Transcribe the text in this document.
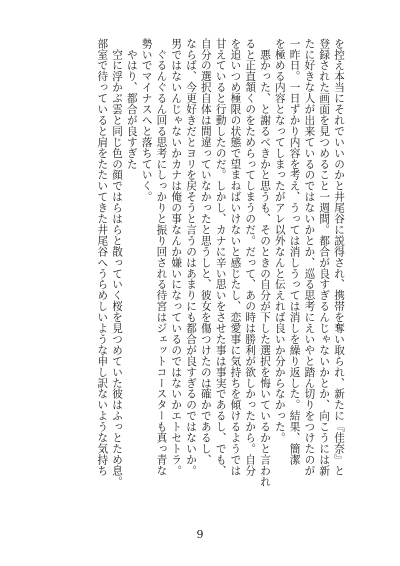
を控え本当にそれでいいのかと井尾谷に説得され、携帯を奪い取られ、新たに『佳奈』と
登録された画面を見つめること一週間。都合が良すぎるんじゃないかとか、向こうには新
たに好きな人が出来ているのではないかとか、巡る思考にえいやと踏ん切りをつけたのが
一昨日。一日ずかり内容を考え、うっては消しうっては消しを繰り返した。結果、簡潔
を極める内容となってしまったがアレ以外なんと伝えれば良いか分からなかった。
　悪かった、と謝るべきかと思うも、そのときの自分が下した選択を悔いているかと言われ
ると正直頷くのをためらってしまうのだ。だって、あの時は勝利が欲しかったから。自分
を追いつめ極限の状態で望まねばいけないと感じたし、恋愛事に気持ちを傾けるようでは
甘えていると行動したのだ。しかし、カナに辛い思いをさせた事は事実であるし、でも、
自分の選択自体は間違っていなかったと思うしと、彼女を傷つけたのは確かであるし、
ならば、今更好きだとヨリを戻そうと言うのはあまりにも都合が良すぎるのではないか。
男ではないんじゃないかカナは俺の事なんか嫌いになっているのではないかエトセトラ。
　ぐるんぐるん回る思考にしっかりと振り回される待宮はジェットコースターも真っ青な
勢いでマイナスへと落ちていく。
　やはり、都合が良すぎた
　空に浮かぶ雲と同じ色の顔ではらはらと散っていく桜を見つめていた彼はふっとため息。
部室で待っていると肩をたたいてきた井尾谷へうらめしいような申し訳ないような気持ち
9
